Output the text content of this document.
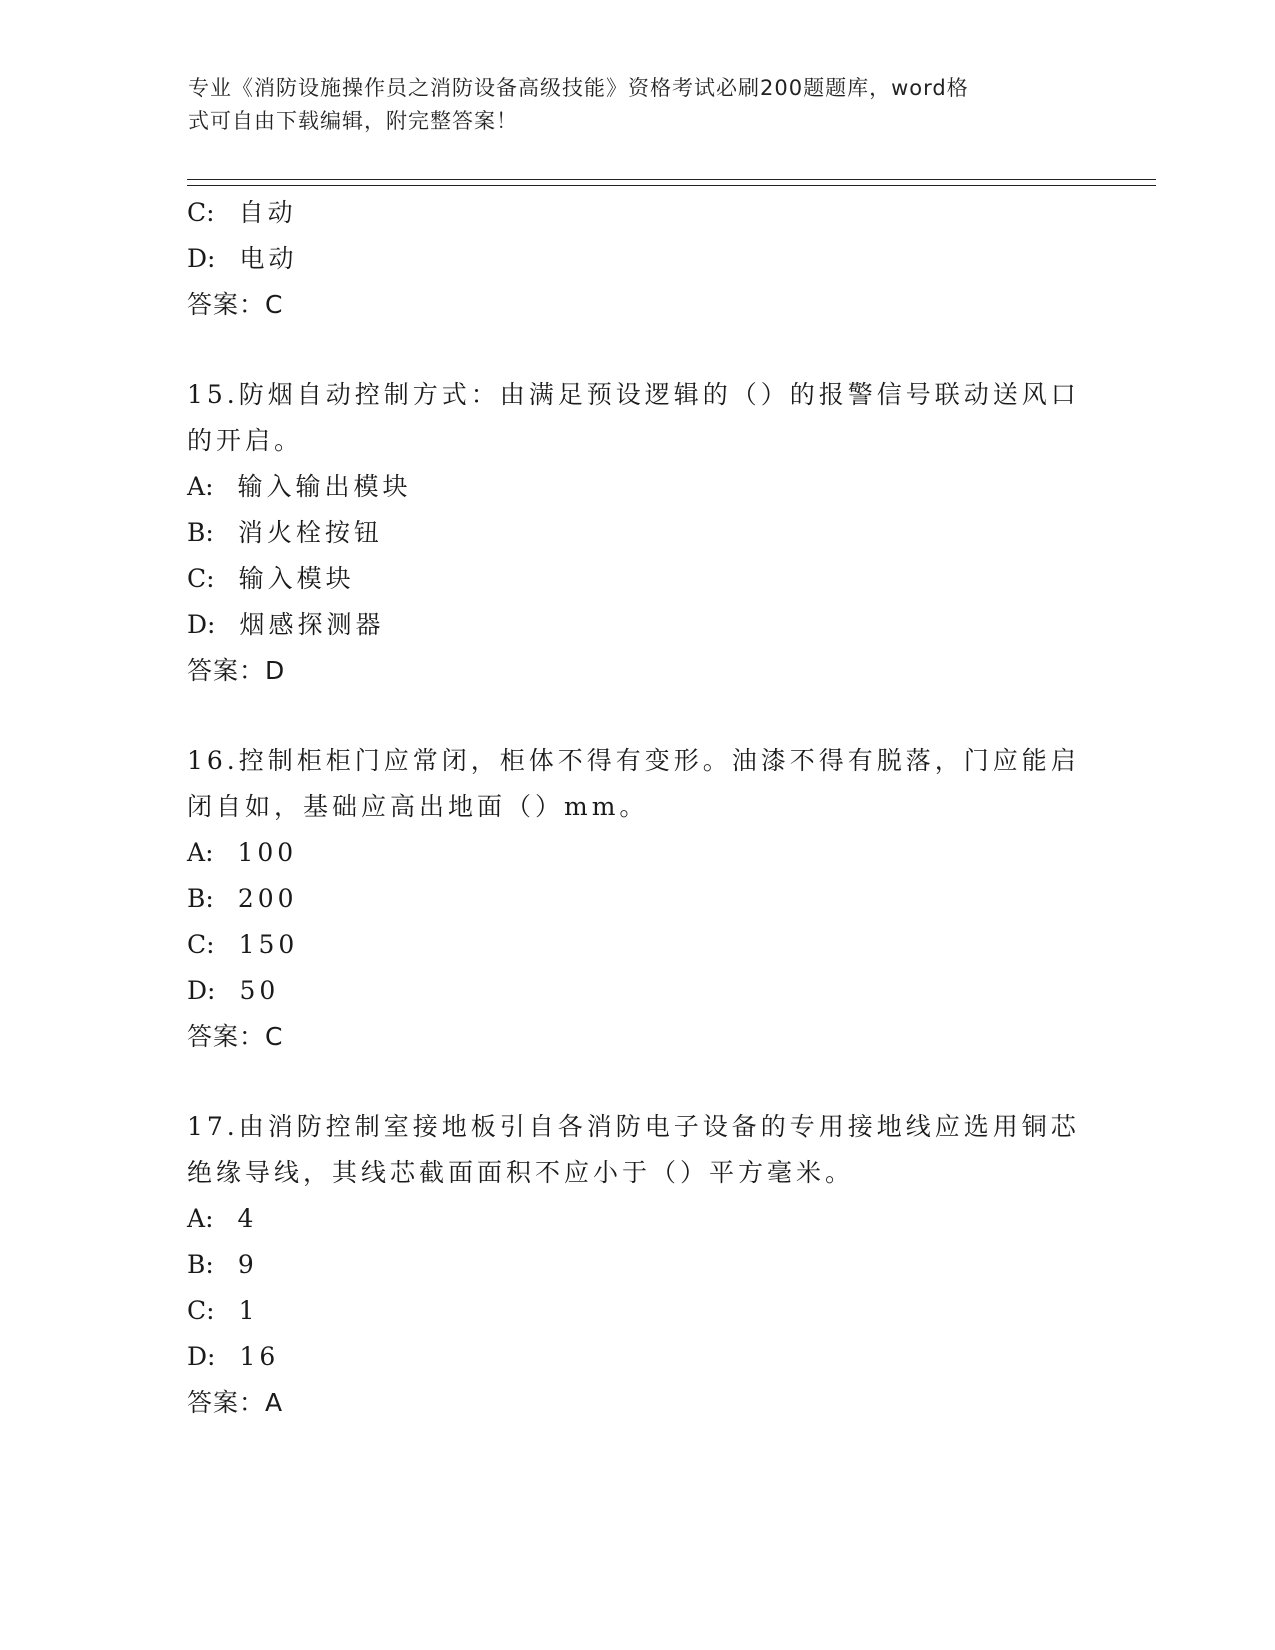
专业《消防设施操作员之消防设备高级技能》资格考试必刷200题题库，word格
式可自由下载编辑，附完整答案！
C: 自动
D: 电动
答案：C
15.防烟自动控制方式：由满足预设逻辑的（）的报警信号联动送风口
的开启。
A: 输入输出模块
B: 消火栓按钮
C: 输入模块
D: 烟感探测器
答案：D
16.控制柜柜门应常闭，柜体不得有变形。油漆不得有脱落，门应能启
闭自如，基础应高出地面（）mm。
A: 100
B: 200
C: 150
D: 50
答案：C
17.由消防控制室接地板引自各消防电子设备的专用接地线应选用铜芯
绝缘导线，其线芯截面面积不应小于（）平方毫米。
A: 4
B: 9
C: 1
D: 16
答案：A
